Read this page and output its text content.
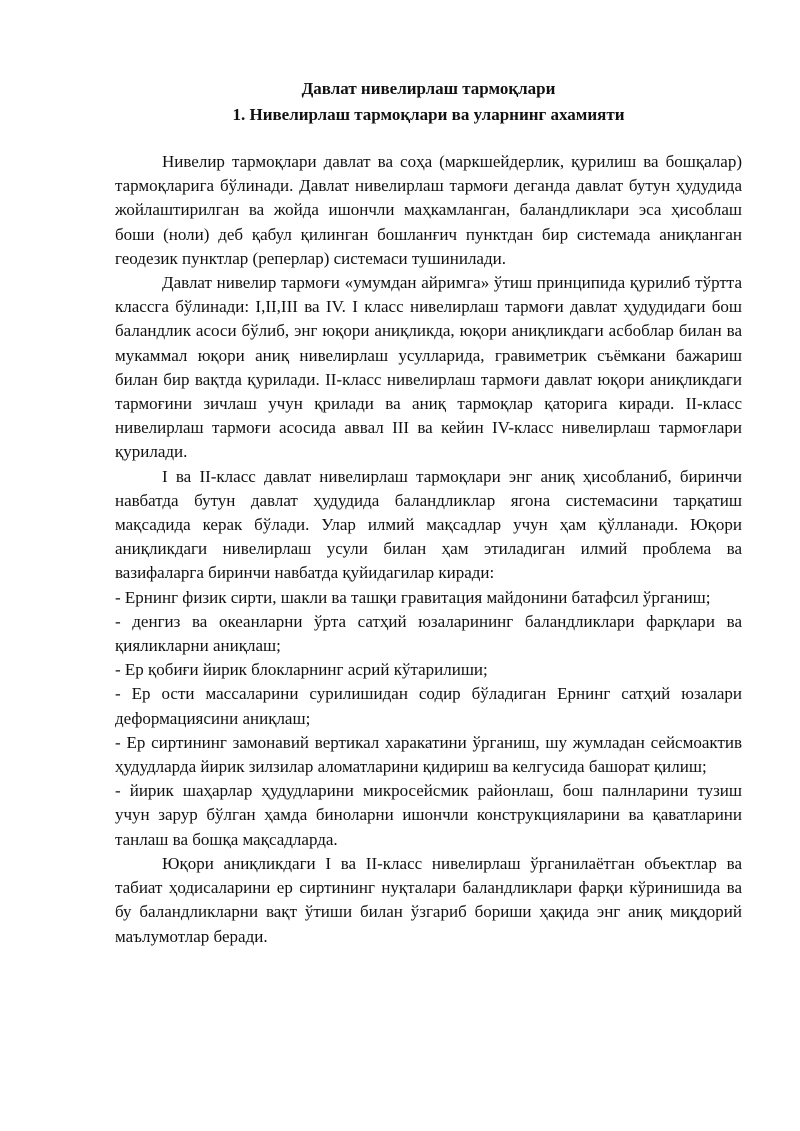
Давлат нивелирлаш тармоқлари
1. Нивелирлаш тармоқлари ва уларнинг ахамияти

Нивелир тармоқлари давлат ва соҳа (маркшейдерлик, қурилиш ва бошқалар) тармоқларига бўлинади. Давлат нивелирлаш тармоғи деганда давлат бутун ҳудудида жойлаштирилган ва жойда ишончли маҳкамланган, баландликлари эса ҳисоблаш боши (ноли) деб қабул қилинган бошланғич пунктдан бир системада аниқланган геодезик пунктлар (реперлар) системаси тушинилади.

Давлат нивелир тармоғи «умумдан айримга» ўтиш принципида қурилиб тўртта классга бўлинади: I,II,III ва IV. I класс нивелирлаш тармоғи давлат ҳудудидаги бош баландлик асоси бўлиб, энг юқори аниқликда, юқори аниқликдаги асбоблар билан ва мукаммал юқори аниқ нивелирлаш усулларида, гравиметрик съёмкани бажариш билан бир вақтда қурилади. II-класс нивелирлаш тармоғи давлат юқори аниқликдаги тармоғини зичлаш учун қрилади ва аниқ тармоқлар қаторига киради. II-класс нивелирлаш тармоғи асосида аввал III ва кейин IV-класс нивелирлаш тармоғлари қурилади.

I ва II-класс давлат нивелирлаш тармоқлари энг аниқ ҳисобланиб, биринчи навбатда бутун давлат ҳудудида баландликлар ягона системасини тарқатиш мақсадида керак бўлади. Улар илмий мақсадлар учун ҳам қўлланади. Юқори аниқликдаги нивелирлаш усули билан ҳам этиладиган илмий проблема ва вазифаларга биринчи навбатда қуйидагилар киради:

- Ернинг физик сирти, шакли ва ташқи гравитация майдонини батафсил ўрганиш;

- денгиз ва океанларни ўрта сатҳий юзаларининг баландликлари фарқлари ва қияликларни аниқлаш;

- Ер қобиғи йирик блокларнинг асрий кўтарилиши;

- Ер ости массаларини сурилишидан содир бўладиган Ернинг сатҳий юзалари деформациясини аниқлаш;

- Ер сиртининг замонавий вертикал харакатини ўрганиш, шу жумладан сейсмоактив ҳудудларда йирик зилзилар аломатларини қидириш ва келгусида башорат қилиш;

- йирик шаҳарлар ҳудудларини микросейсмик районлаш, бош палнларини тузиш учун зарур бўлган ҳамда биноларни ишончли конструкцияларини ва қаватларини танлаш ва бошқа мақсадларда.

Юқори аниқликдаги I ва II-класс нивелирлаш ўрганилаётган объектлар ва табиат ҳодисаларини ер сиртининг нуқталари баландликлари фарқи кўринишида ва бу баландликларни вақт ўтиши билан ўзгариб бориши ҳақида энг аниқ миқдорий маълумотлар беради.
